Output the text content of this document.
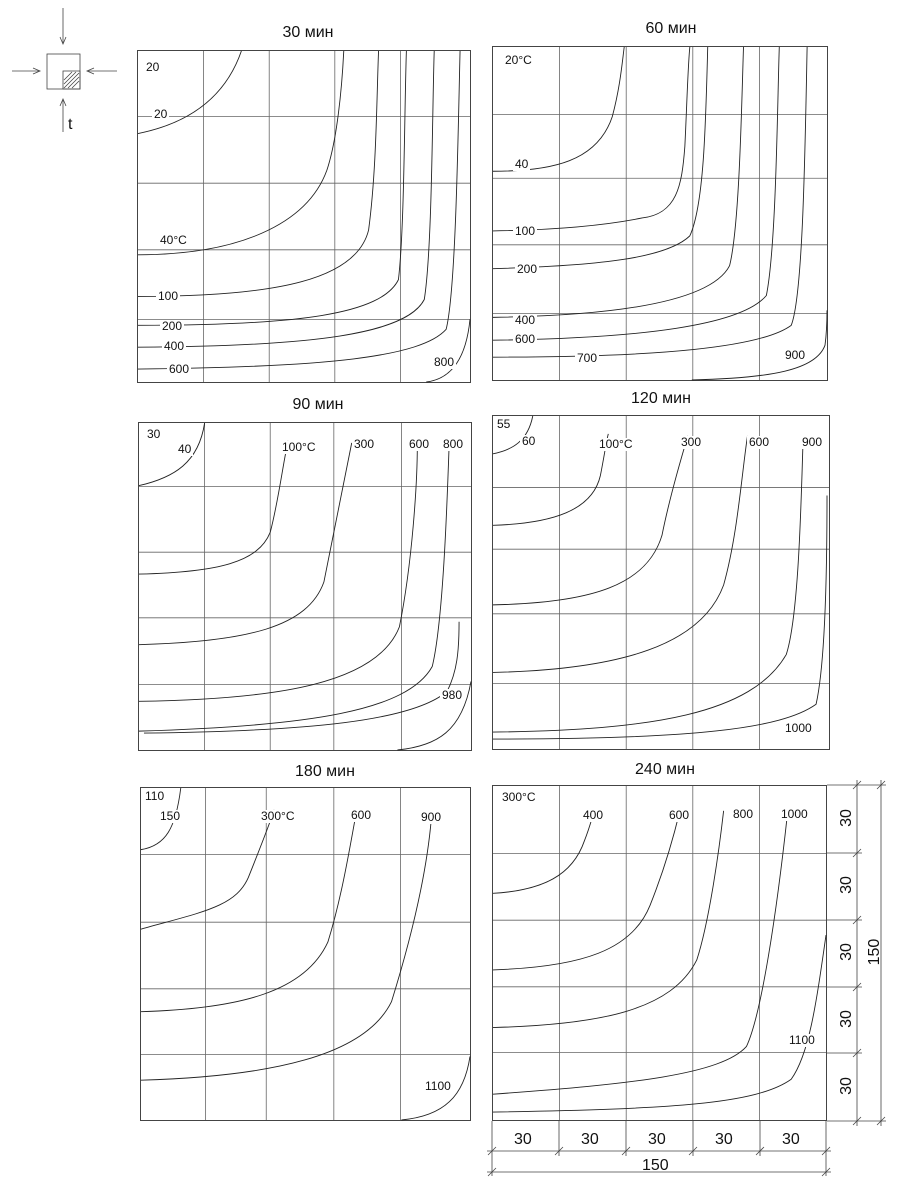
t
30 мин
20
20
40°C
100
200
400
600	800
60 мин
20°C
40
100
200
400
600
700	900
90 мин
30
40	100°C	300	600 800
980
120 мин
55
60	100°C	300	600	900
1000
180 мин
110
150	300°C	600	900
1100
240 мин
300°C
400	600	800 1000
1100
30	30	30	30	30
150
30
30
30
30
30
150
